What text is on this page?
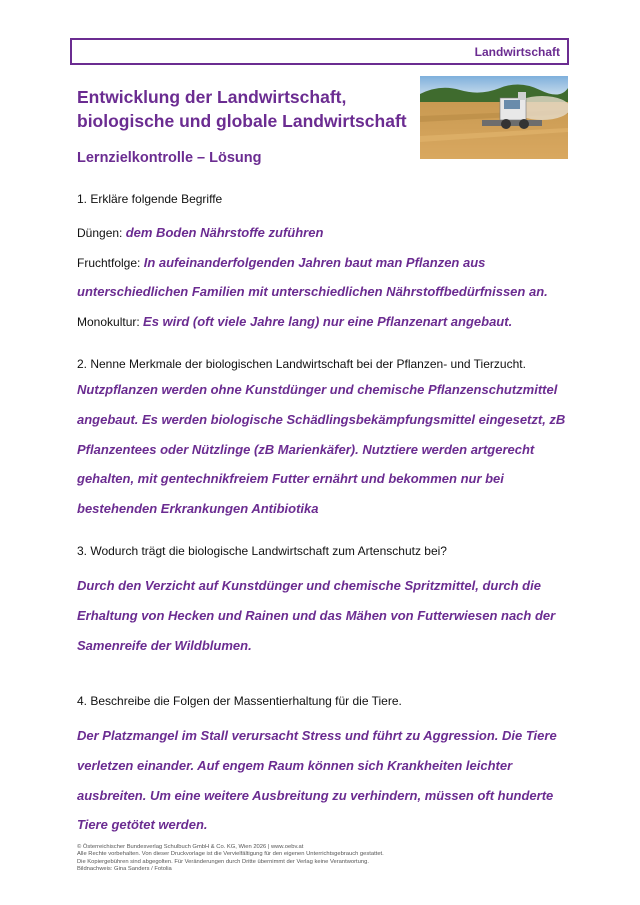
Landwirtschaft
Entwicklung der Landwirtschaft,
biologische und globale Landwirtschaft
Lernzielkontrolle – Lösung
1. Erkläre folgende Begriffe
Düngen: dem Boden Nährstoffe zuführen
Fruchtfolge: In aufeinanderfolgenden Jahren baut man Pflanzen aus
unterschiedlichen Familien mit unterschiedlichen Nährstoffbedürfnissen an.
Monokultur: Es wird (oft viele Jahre lang) nur eine Pflanzenart angebaut.
2. Nenne Merkmale der biologischen Landwirtschaft bei der Pflanzen- und Tierzucht.
Nutzpflanzen werden ohne Kunstdünger und chemische Pflanzenschutzmittel
angebaut. Es werden biologische Schädlingsbekämpfungsmittel eingesetzt, zB
Pflanzentees oder Nützlinge (zB Marienkäfer). Nutztiere werden artgerecht
gehalten, mit gentechnikfreiem Futter ernährt und bekommen nur bei
bestehenden Erkrankungen Antibiotika
3. Wodurch trägt die biologische Landwirtschaft zum Artenschutz bei?
Durch den Verzicht auf Kunstdünger und chemische Spritzmittel, durch die
Erhaltung von Hecken und Rainen und das Mähen von Futterwiesen nach der
Samenreife der Wildblumen.
4. Beschreibe die Folgen der Massentierhaltung für die Tiere.
Der Platzmangel im Stall verursacht Stress und führt zu Aggression. Die Tiere
verletzen einander. Auf engem Raum können sich Krankheiten leichter
ausbreiten. Um eine weitere Ausbreitung zu verhindern, müssen oft hunderte
Tiere getötet werden.
© Österreichischer Bundesverlag Schulbuch GmbH & Co. KG, Wien 2026 | www.oebv.at
Alle Rechte vorbehalten. Von dieser Druckvorlage ist die Vervielfältigung für den eigenen Unterrichtsgebrauch gestattet.
Die Kopiergebühren sind abgegolten. Für Veränderungen durch Dritte übernimmt der Verlag keine Verantwortung.
Bildnachweis: Gina Sanders / Fotolia
